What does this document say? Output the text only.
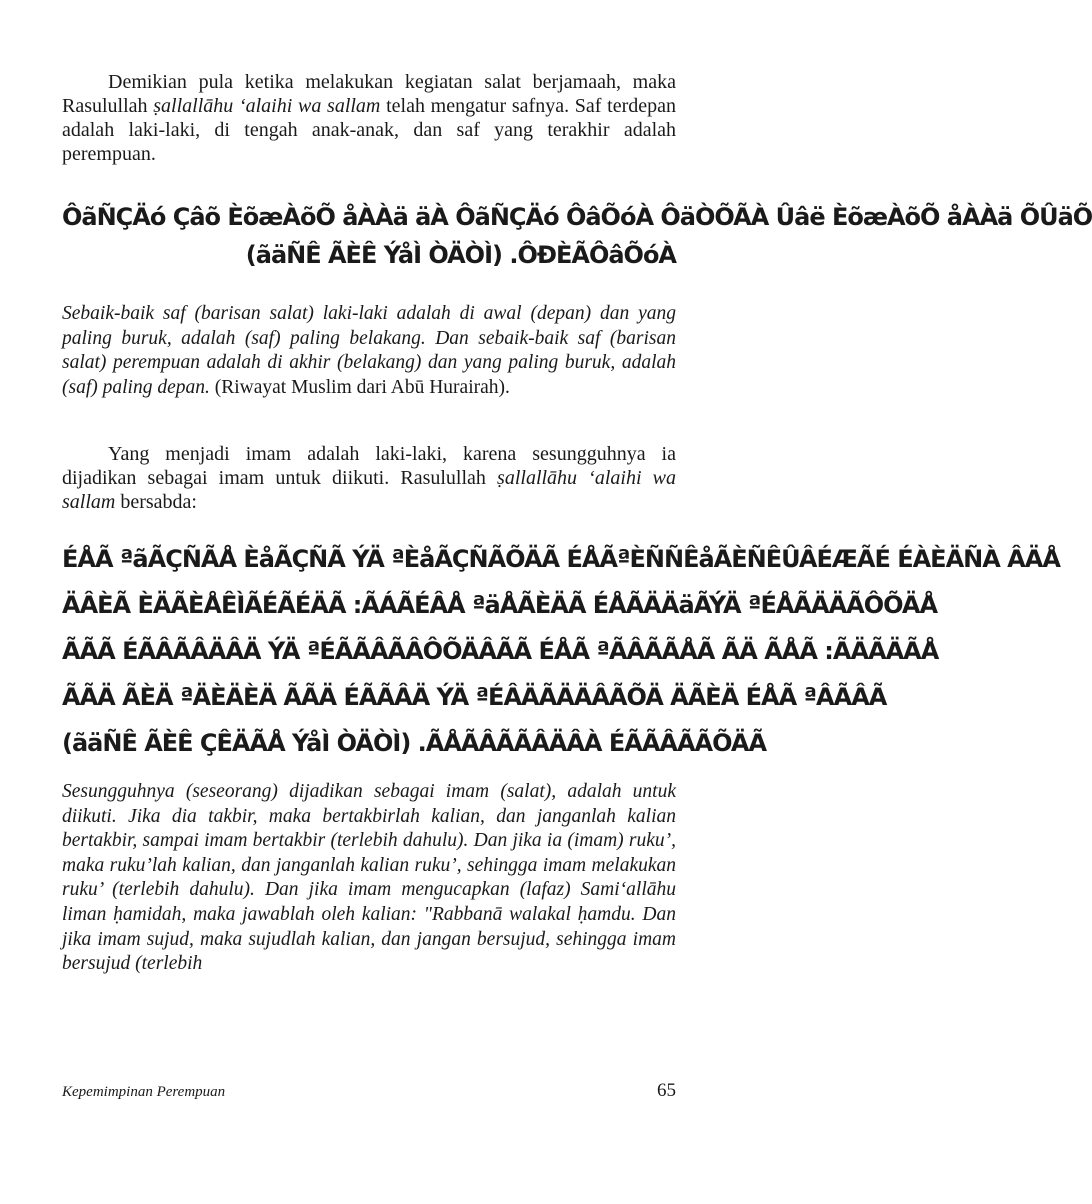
Demikian pula ketika melakukan kegiatan salat berjamaah, maka Rasulullah ṣallallāhu ‘alaihi wa sallam telah mengatur safnya. Saf terdepan adalah laki-laki, di tengah anak-anak, dan saf yang terakhir adalah perempuan.

ÔãÑÇÄó Çâõ ÈõæÀõÕ åÀÀä äÀ ÔãÑÇÄó ÔâÕóÀ ÔäÒÕÃÀ Ûâë ÈõæÀõÕ åÀÀä ÕÛäÕ
(ãäÑÊ ÃÈÊ ÝåÌ ÒÄÒÌ) .ÔÐÈÃÔâÕóÀ

Sebaik-baik saf (barisan salat) laki-laki adalah di awal (depan) dan yang paling buruk, adalah (saf) paling belakang. Dan sebaik-baik saf (barisan salat) perempuan adalah di akhir (belakang) dan yang paling buruk, adalah (saf) paling depan. (Riwayat Muslim dari Abū Hurairah).

Yang menjadi imam adalah laki-laki, karena sesungguhnya ia dijadikan sebagai imam untuk diikuti. Rasulullah ṣallallāhu ‘alaihi wa sallam bersabda:

ÉÅÃ ªãÃÇÑÃÅ ÈåÃÇÑÃ ÝÄ ªÈåÃÇÑÃÕÄÃ ÉÅÃªÈÑÑÊåÃÈÑÊÛÂÉÆÃÉ ÉÀÈÄÑÀ ÂÄÅ
ÄÂÈÃ ÈÄÃÈÅÊÌÃÉÃÉÄÃ :ÃÁÃÉÂÅ ªäÅÃÈÄÃ ÉÅÃÄÄäÃÝÄ ªÉÅÃÄÄÃÔÕÄÅ
ÃÃÃ ÉÃÂÃÂÄÂÄ ÝÄ ªÉÃÃÂÃÂÔÕÄÂÃÃ ÉÅÃ ªÃÂÃÃÅÃ ÃÄ ÃÅÃ :ÃÄÃÄÃÅ
ÃÃÄ ÃÈÄ ªÄÈÄÈÄ ÃÃÄ ÉÃÃÂÄ ÝÄ ªÉÂÄÃÄÄÂÃÕÄ ÄÃÈÄ ÉÅÃ ªÂÃÂÃ
(ãäÑÊ ÃÈÊ ÇÊÄÃÅ ÝåÌ ÒÄÒÌ) .ÃÅÃÂÃÃÂÄÂÀ ÉÃÃÂÃÃÕÄÃ

Sesungguhnya (seseorang) dijadikan sebagai imam (salat), adalah untuk diikuti. Jika dia takbir, maka bertakbirlah kalian, dan janganlah kalian bertakbir, sampai imam bertakbir (terlebih dahulu). Dan jika ia (imam) ruku’, maka ruku’lah kalian, dan janganlah kalian ruku’, sehingga imam melakukan ruku’ (terlebih dahulu). Dan jika imam mengucapkan (lafaz) Sami‘allāhu liman ḥamidah, maka jawablah oleh kalian: "Rabbanā walakal ḥamdu. Dan jika imam sujud, maka sujudlah kalian, dan jangan bersujud, sehingga imam bersujud (terlebih

Kepemimpinan Perempuan	65
